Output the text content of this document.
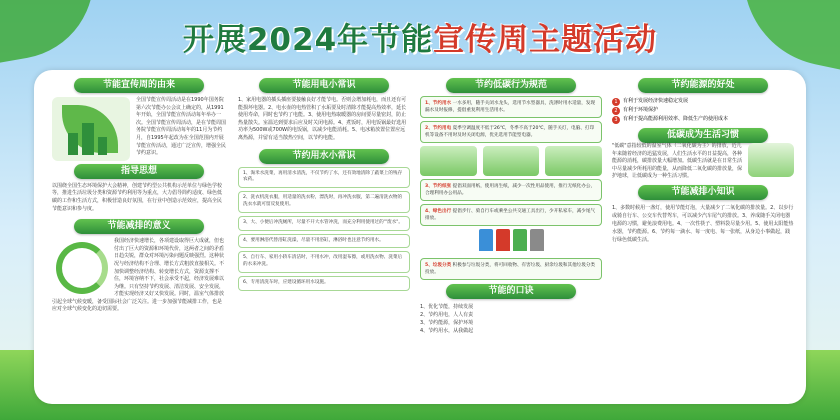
开展2024年节能宣传周主题活动
节能宣传周的由来
全国节能宣传周活动是在1990年国务院第六次节能办公会议上确定的，从1991年开始，全国节能宣传活动每年举办一次。全国节能宣传周活动，是在节能周国务院节能宣传周活动每年的11月为节约月，自1995年起改为在全国范围内开展节能宣传活动，通过广泛宣传，增强全民节约意识。
指导思想
以围绕全国生态环境保护大会精神，创建节约型公共机构示范单位与绿色学校等，推进生活垃圾分类和资源节约利用等为重点，大力倡导简约适度、绿色低碳的工作和生活方式，积极营造良好氛围，在行业中创造示范效应，提高全民节能意识和参与度。
节能减排的意义
我国经济快速增长，各项建设取得巨大成就，但也付出了巨大的资源和环境代价，这两者之间的矛盾日趋尖锐，群众对环境污染问题反映强烈。这种状况与经济结构不合理、增长方式粗放直接相关。不加快调整经济结构、转变增长方式，资源支撑不住，环境容纳不下，社会承受不起，经济发展难以为继。只有坚持节约发展、清洁发展、安全发展，才能实现经济又好又快发展。同时，温室气体排放引起全球气候变暖，备受国际社会广泛关注。进一步加强节能减排工作，也是应对全球气候变化的迫切需要。
节能用电小常识
1、家用电器的插头插座要接触良好才能节电。否则会增加耗电，而且还有可能损坏电器。2、电水壶的电热管积了水垢要及时清除才能提高热效率，延长使用寿命，同时也节约了电能。3、使用电热取暖器的房间要尽量密封，防止热量散失。室温达到要求后应及时关闭电源。4、煮饭时，用电饭锅最好选用功率为500W或700W的电饭锅，以减少电能消耗。5、电冰箱放置位置应远离热源，并留有适当散热空间，以节约电能。
节约用水小常识
1、淘米水洗菜，再用清水清洗，不仅节约了水，还有效地清除了蔬菜上的残存农药。
2、洗衣机洗衣服，用适量的洗衣粉，漂洗时，再冲洗衣服，第二遍清洗衣物的洗衣水就可留反复使用。
3、大、小便后冲洗厕所，尽量不开大水管冲洗，而充分利用使用过的'"废水"。
4、要用淋浴代替浴缸洗澡，尽量不用浴缸，淋浴时也注意节约用水。
5、自行车、家用小轿车清洁时，不用水冲，改用湿布擦，或用洗衣物、洗菜后的水来冲洗。
6、专用清洗车时，应建设循环用水设施。
节约低碳行为规范
1、节约用水 一水多用，随手关闭水龙头，选用节水型器具，洗涤时用水适量，发现漏水及时报修，提倡重复利用生活用水。
2、节约用电 夏季空调温度不低于26℃，冬季不高于20℃，随手关灯，电脑、打印机等设备不用时及时关闭电源，优先选用节能型电器。
3、节约纸张 提倡双面用纸，使用再生纸，减少一次性用品使用，推行无纸化办公，合理利用办公用品。
4、绿色出行 提倡步行、骑自行车或乘坐公共交通工具出行，少开私家车，减少尾气排放。
5、垃圾分类 积极参与垃圾分类，将可回收物、有害垃圾、厨余垃圾和其他垃圾分类投放。
节能的口诀
1、优化节能，持续发展
2、节约用电，人人有责
3、节约能源，保护环境
4、节约用水，从我做起
节约能源的好处
1	有利于发展经济快速稳定发展
2	有利于环境保护
3	有利于提高能源利用效率、降低生产的使用成本
低碳成为生活习惯
"低碳"意指较低的温室气体（二氧化碳为主）的排放，近几年来随着经济的迅猛发展，人们生活水平的日益提高，各种能源的消耗，碳排放量大幅增加。低碳生活就是在日常生活中尽量减少所耗用的能量，从而降低二氧化碳的排放量，保护地球，让低碳成为一种生活习惯。
节能减排小知识
1、多数时候用一盏灯，使用节能灯泡，大量减少了二氧化碳的排放量。2、以步行或骑自行车、公交车代替驾车，可以减少汽车尾气的排放。3、养成随手关闭电器电源的习惯，避免浪费用电。4、一次性筷子、塑料袋尽量少用。5、使用太阳能热水器，节约能源。6、节约每一滴水、每一度电、每一张纸，从身边小事做起，践行绿色低碳生活。
